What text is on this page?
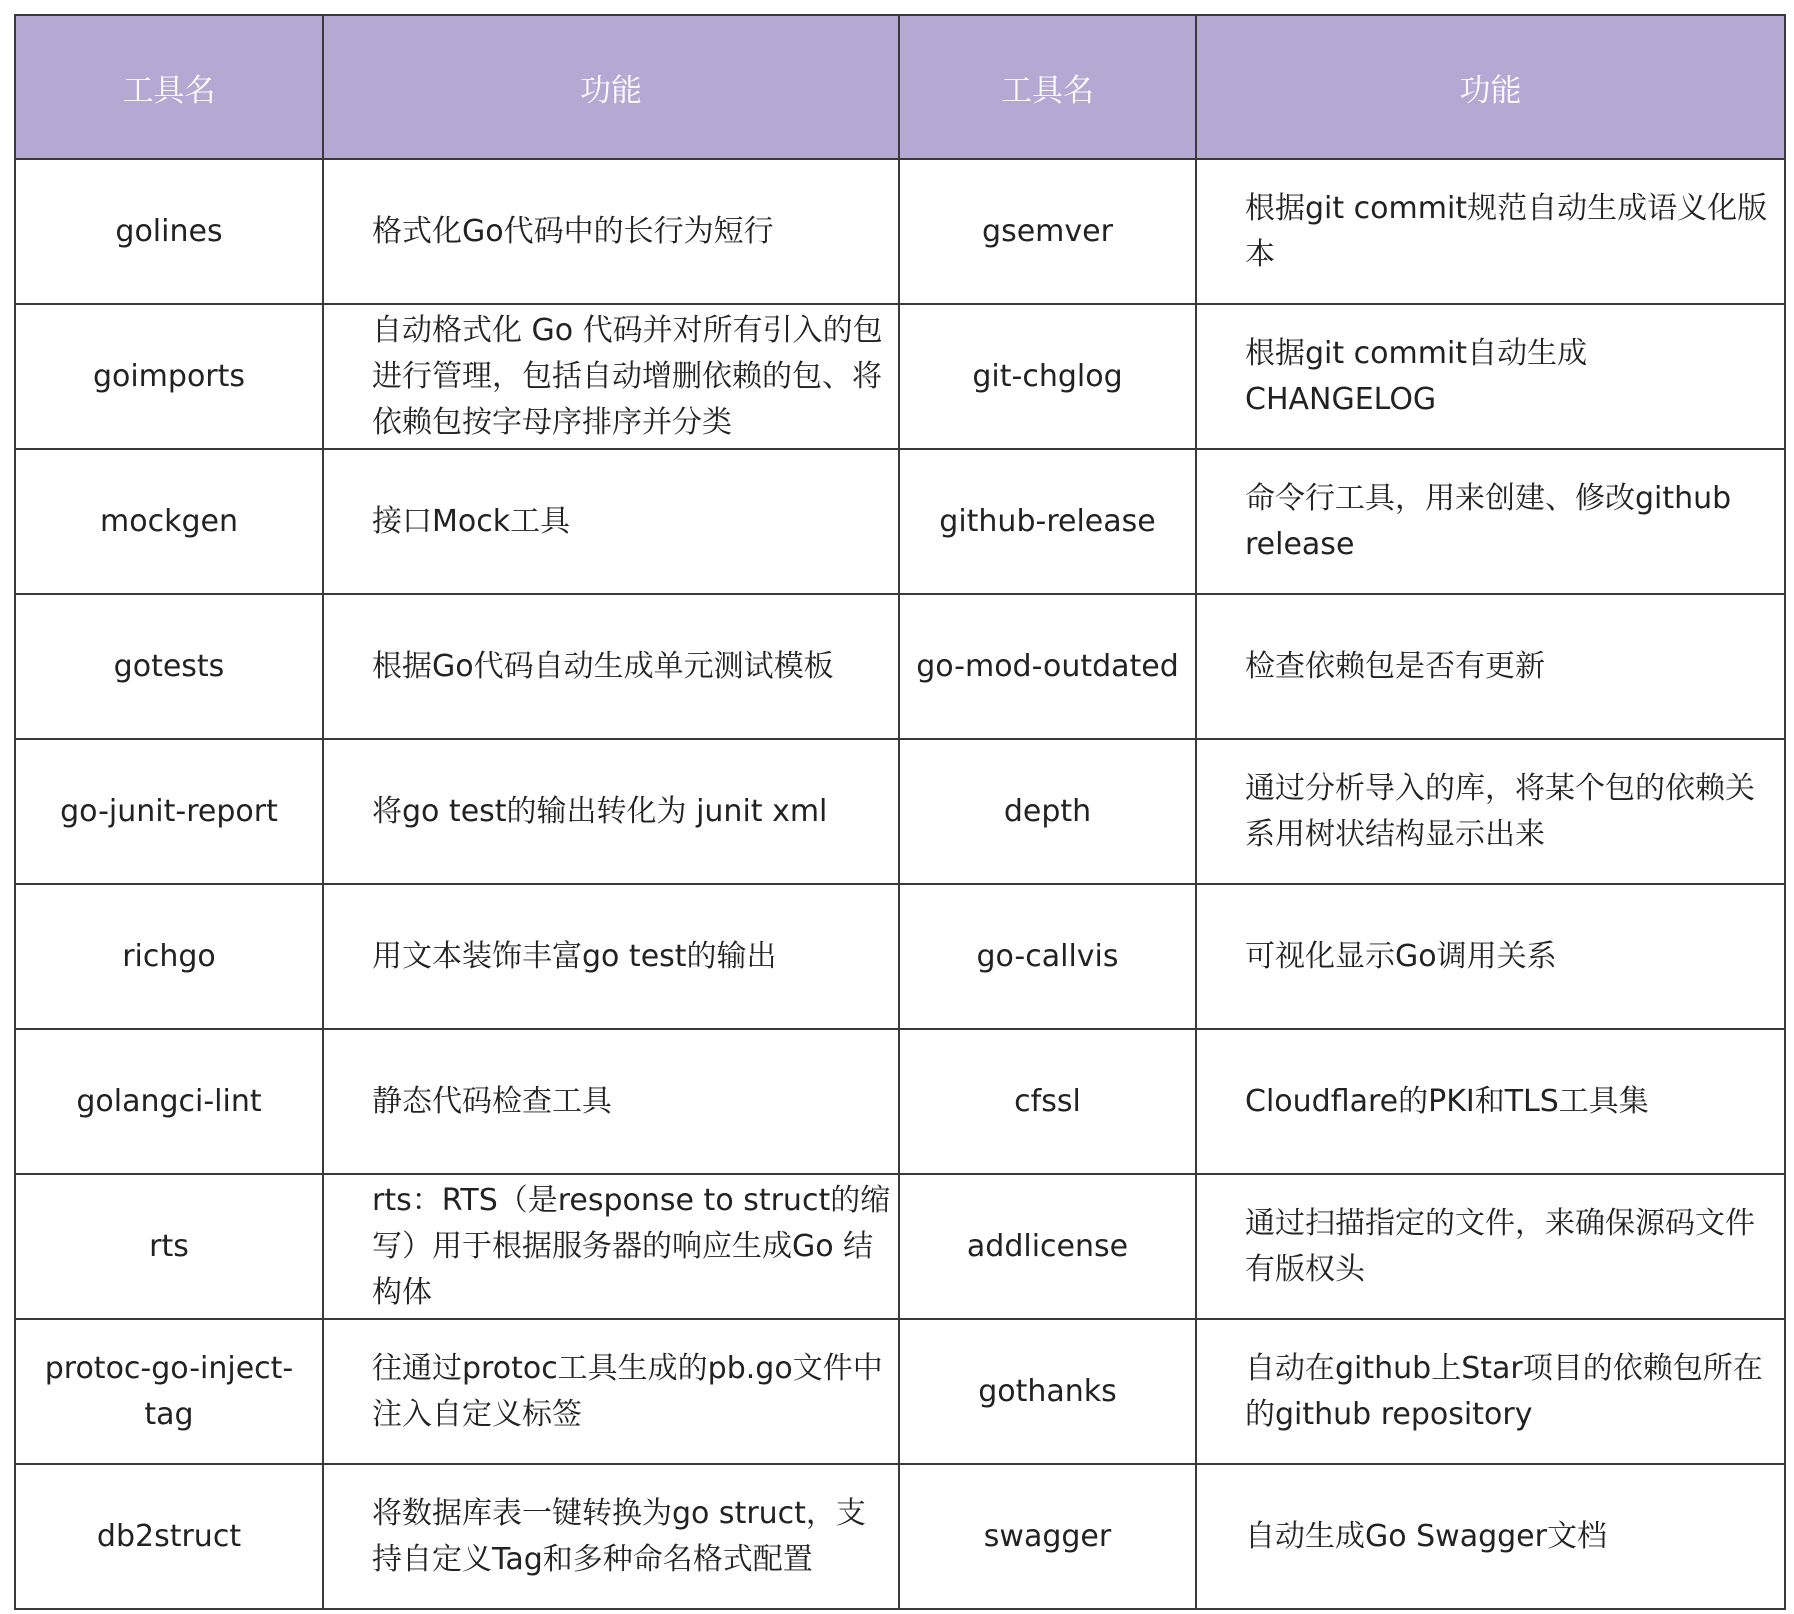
工具名	功能	工具名	功能
golines	格式化Go代码中的长行为短行	gsemver	根据git commit规范自动生成语义化版本
goimports	自动格式化 Go 代码并对所有引入的包进行管理，包括自动增删依赖的包、将依赖包按字母序排序并分类	git-chglog	根据git commit自动生成CHANGELOG
mockgen	接口Mock工具	github-release	命令行工具，用来创建、修改github release
gotests	根据Go代码自动生成单元测试模板	go-mod-outdated	检查依赖包是否有更新
go-junit-report	将go test的输出转化为 junit xml	depth	通过分析导入的库，将某个包的依赖关系用树状结构显示出来
richgo	用文本装饰丰富go test的输出	go-callvis	可视化显示Go调用关系
golangci-lint	静态代码检查工具	cfssl	Cloudflare的PKI和TLS工具集
rts	rts：RTS（是response to struct的缩写）用于根据服务器的响应生成Go 结构体	addlicense	通过扫描指定的文件，来确保源码文件有版权头
protoc-go-inject-tag	往通过protoc工具生成的pb.go文件中注入自定义标签	gothanks	自动在github上Star项目的依赖包所在的github repository
db2struct	将数据库表一键转换为go struct，支持自定义Tag和多种命名格式配置	swagger	自动生成Go Swagger文档
